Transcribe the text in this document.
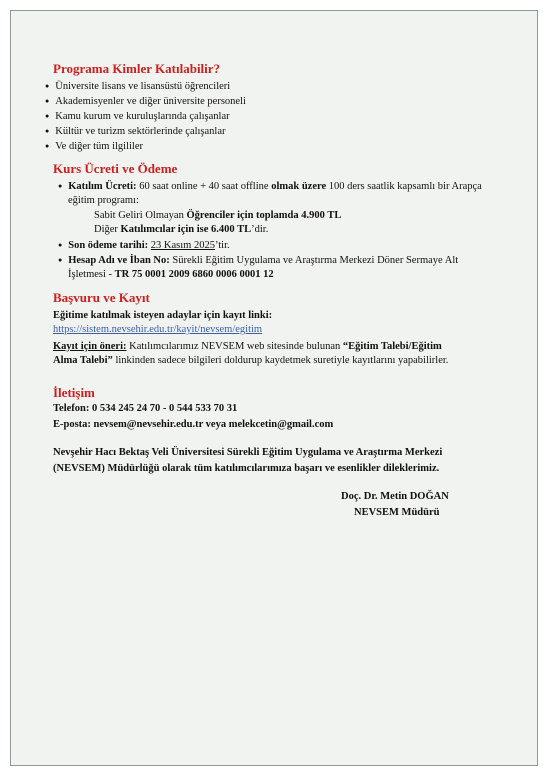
Programa Kimler Katılabilir?
● Üniversite lisans ve lisansüstü öğrencileri
● Akademisyenler ve diğer üniversite personeli
● Kamu kurum ve kuruluşlarında çalışanlar
● Kültür ve turizm sektörlerinde çalışanlar
● Ve diğer tüm ilgililer
Kurs Ücreti ve Ödeme
● Katılım Ücreti: 60 saat online + 40 saat offline olmak üzere 100 ders saatlik kapsamlı bir Arapça
eğitim programı:
Sabit Geliri Olmayan Öğrenciler için toplamda 4.900 TL
Diğer Katılımcılar için ise 6.400 TL’dir.
● Son ödeme tarihi: 23 Kasım 2025’tir.
● Hesap Adı ve İban No: Sürekli Eğitim Uygulama ve Araştırma Merkezi Döner Sermaye Alt
İşletmesi - TR 75 0001 2009 6860 0006 0001 12
Başvuru ve Kayıt
Eğitime katılmak isteyen adaylar için kayıt linki:
https://sistem.nevsehir.edu.tr/kayit/nevsem/egitim
Kayıt için öneri: Katılımcılarımız NEVSEM web sitesinde bulunan “Eğitim Talebi/Eğitim
Alma Talebi” linkinden sadece bilgileri doldurup kaydetmek suretiyle kayıtlarını yapabilirler.
İletişim
Telefon: 0 534 245 24 70 - 0 544 533 70 31
E-posta: nevsem@nevsehir.edu.tr veya melekcetin@gmail.com
Nevşehir Hacı Bektaş Veli Üniversitesi Sürekli Eğitim Uygulama ve Araştırma Merkezi
(NEVSEM) Müdürlüğü olarak tüm katılımcılarımıza başarı ve esenlikler dileklerimiz.
Doç. Dr. Metin DOĞAN
NEVSEM Müdürü
